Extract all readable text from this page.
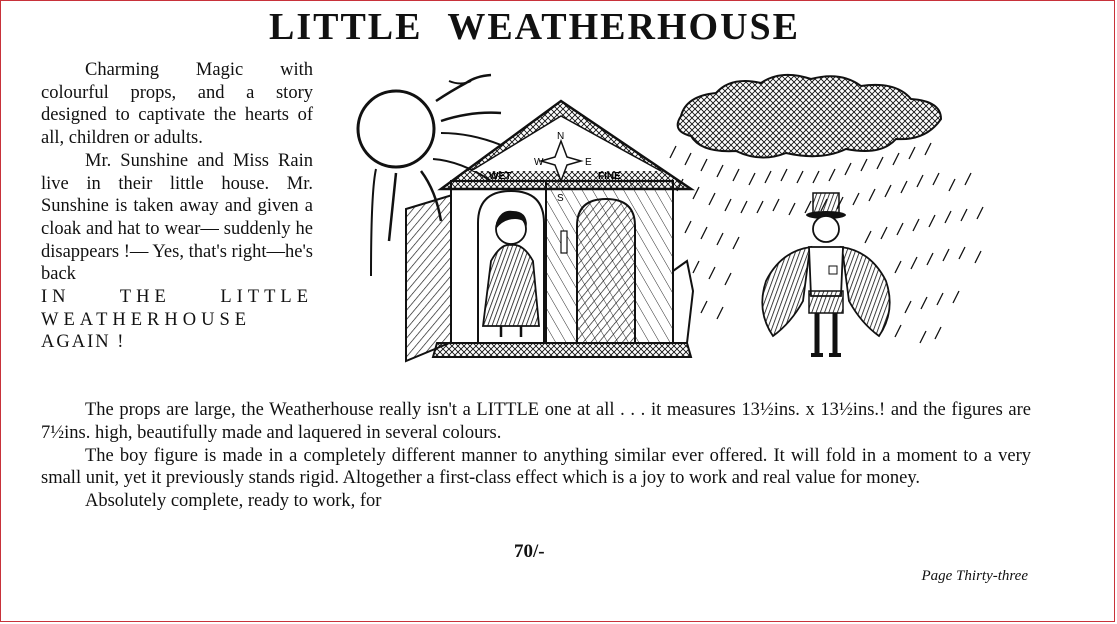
LITTLE WEATHERHOUSE

Charming Magic with colourful props, and a story designed to captivate the hearts of all, children or adults.

Mr. Sunshine and Miss Rain live in their little house. Mr. Sunshine is taken away and given a cloak and hat to wear— suddenly he disappears !— Yes, that's right—he's back

IN THE LITTLE

WEATHERHOUSE

AGAIN !

N
W	E
S
WET	FINE

The props are large, the Weatherhouse really isn't a LITTLE one at all . . . it measures 13½ins. x 13½ins.! and the figures are 7½ins. high, beautifully made and laquered in several colours.

The boy figure is made in a completely different manner to anything similar ever offered. It will fold in a moment to a very small unit, yet it previously stands rigid. Altogether a first-class effect which is a joy to work and real value for money.

Absolutely complete, ready to work, for

70/-
Page Thirty-three
